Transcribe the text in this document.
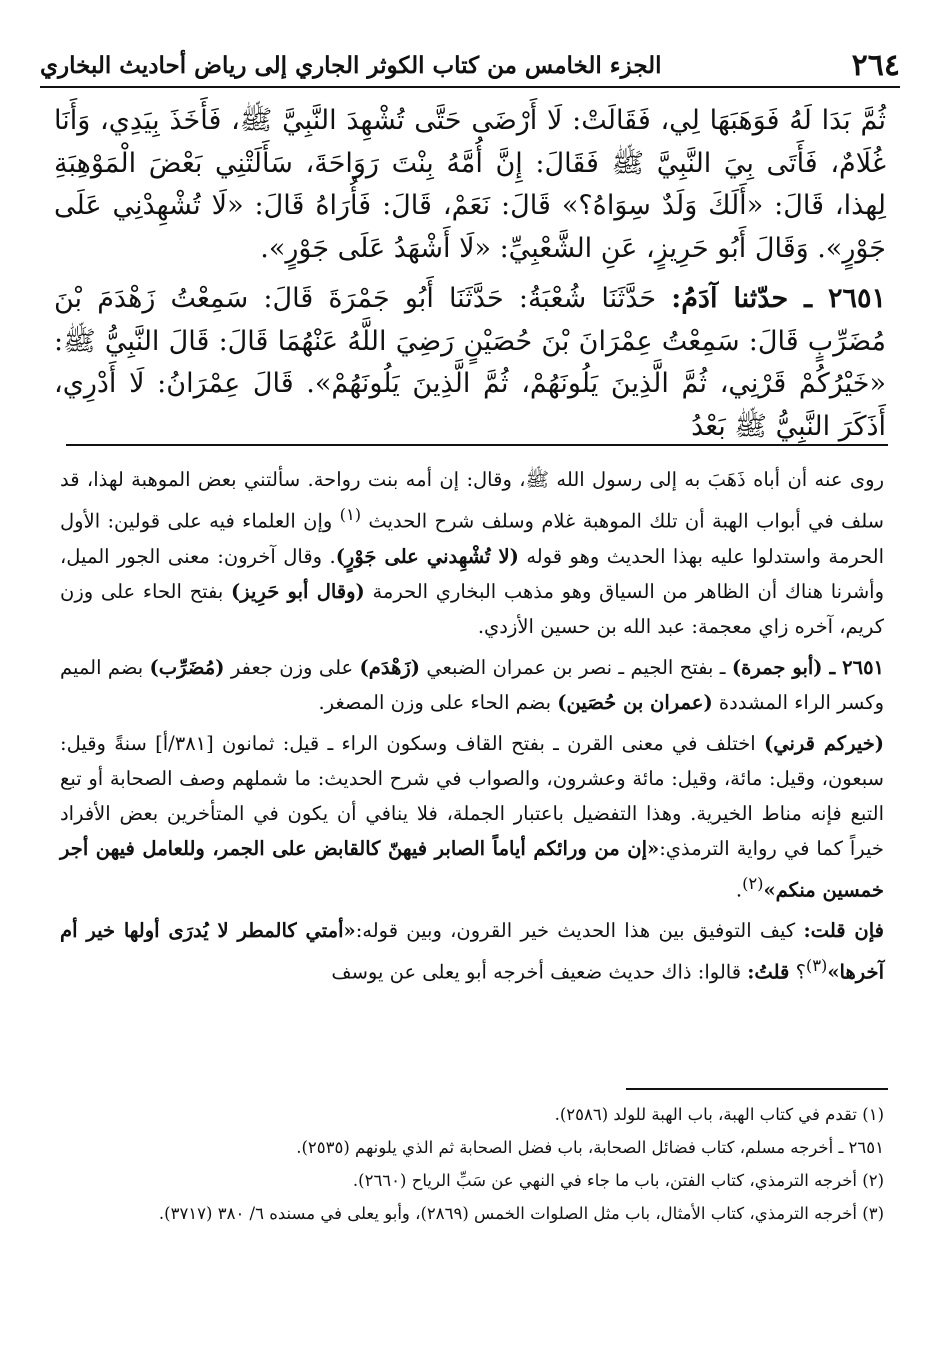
٢٦٤
الجزء الخامس من كتاب الكوثر الجاري إلى رياض أحاديث البخاري

ثُمَّ بَدَا لَهُ فَوَهَبَهَا لِي، فَقَالَتْ: لَا أَرْضَى حَتَّى تُشْهِدَ النَّبِيَّ ﷺ، فَأَخَذَ بِيَدِي، وَأَنَا غُلَامٌ، فَأَتَى بِيَ النَّبِيَّ ﷺ فَقَالَ: إِنَّ أُمَّهُ بِنْتَ رَوَاحَةَ، سَأَلَتْنِي بَعْضَ الْمَوْهِبَةِ لِهذا، قَالَ: «أَلَكَ وَلَدٌ سِوَاهُ؟» قَالَ: نَعَمْ، قَالَ: فَأُرَاهُ قَالَ: «لَا تُشْهِدْنِي عَلَى جَوْرٍ». وَقَالَ أَبُو حَرِيزٍ، عَنِ الشَّعْبِيِّ: «لَا أَشْهَدُ عَلَى جَوْرٍ».

٢٦٥١ ـ حدّثنا آدَمُ: حَدَّثَنَا شُعْبَةُ: حَدَّثَنَا أَبُو جَمْرَةَ قَالَ: سَمِعْتُ زَهْدَمَ بْنَ مُضَرِّبٍ قَالَ: سَمِعْتُ عِمْرَانَ بْنَ حُصَيْنٍ رَضِيَ اللَّهُ عَنْهُمَا قَالَ: قَالَ النَّبِيُّ ﷺ: «خَيْرُكُمْ قَرْنِي، ثُمَّ الَّذِينَ يَلُونَهُمْ، ثُمَّ الَّذِينَ يَلُونَهُمْ». قَالَ عِمْرَانُ: لَا أَدْرِي، أَذَكَرَ النَّبِيُّ ﷺ بَعْدُ

روى عنه أن أباه ذَهَبَ به إلى رسول الله ﷺ، وقال: إن أمه بنت رواحة. سألتني بعض الموهبة لهذا، قد سلف في أبواب الهبة أن تلك الموهبة غلام وسلف شرح الحديث $^{(١)}$ وإن العلماء فيه على قولين: الأول الحرمة واستدلوا عليه بهذا الحديث وهو قوله (لا تُشْهِدني على جَوْرٍ). وقال آخرون: معنى الجور الميل، وأشرنا هناك أن الظاهر من السياق وهو مذهب البخاري الحرمة (وقال أبو حَرِيز) بفتح الحاء على وزن كريم، آخره زاي معجمة: عبد الله بن حسين الأزدي.

٢٦٥١ ـ (أبو جمرة) ـ بفتح الجيم ـ نصر بن عمران الضبعي (زَهْدَم) على وزن جعفر (مُضَرِّب) بضم الميم وكسر الراء المشددة (عمران بن حُصَين) بضم الحاء على وزن المصغر.

(خيركم قرني) اختلف في معنى القرن ـ بفتح القاف وسكون الراء ـ قيل: ثمانون [٣٨١/أ] سنةً وقيل: سبعون، وقيل: مائة، وقيل: مائة وعشرون، والصواب في شرح الحديث: ما شملهم وصف الصحابة أو تبع التبع فإنه مناط الخيرية. وهذا التفضيل باعتبار الجملة، فلا ينافي أن يكون في المتأخرين بعض الأفراد خيراً كما في رواية الترمذي:«إن من ورائكم أياماً الصابر فيهنّ كالقابض على الجمر، وللعامل فيهن أجر خمسين منكم»$^{(٢)}$.

فإن قلت: كيف التوفيق بين هذا الحديث خير القرون، وبين قوله:«أمتي كالمطر لا يُدرَى أولها خير أم آخرها»$^{(٣)}$؟ قلتُ: قالوا: ذاك حديث ضعيف أخرجه أبو يعلى عن يوسف

(١) تقدم في كتاب الهبة، باب الهبة للولد (٢٥٨٦).

٢٦٥١ ـ أخرجه مسلم، كتاب فضائل الصحابة، باب فضل الصحابة ثم الذي يلونهم (٢٥٣٥).

(٢) أخرجه الترمذي، كتاب الفتن، باب ما جاء في النهي عن سَبِّ الرياح (٢٦٦٠).

(٣) أخرجه الترمذي، كتاب الأمثال، باب مثل الصلوات الخمس (٢٨٦٩)، وأبو يعلى في مسنده ٦/ ٣٨٠ (٣٧١٧).
